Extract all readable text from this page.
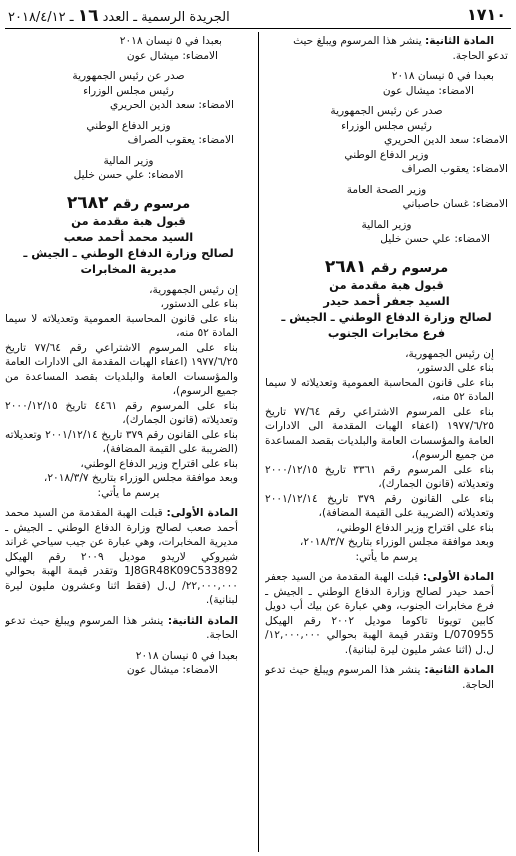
١٧١٠
الجريدة الرسمية ـ العدد ١٦ ـ ٢٠١٨/٤/١٢

المادة الثانية: ينشر هذا المرسوم ويبلغ حيث

تدعو الحاجة.

بعبدا في ٥ نيسان ٢٠١٨

الامضاء: ميشال عون

صدر عن رئيس الجمهورية

رئيس مجلس الوزراء

الامضاء: سعد الدين الحريري

وزير الدفاع الوطني

الامضاء: يعقوب الصراف

وزير الصحة العامة

الامضاء: غسان حاصباني

وزير المالية

الامضاء: علي حسن خليل

مرسوم رقم ٢٦٨١

قبول هبة مقدمة من

السيد جعفر أحمد حيدر

لصالح وزارة الدفاع الوطني ـ الجيش ـ

فرع مخابرات الجنوب

إن رئيس الجمهورية،

بناء على الدستور،

بناء على قانون المحاسبة العمومية وتعديلاته لا سيما المادة ٥٢ منه،

بناء على المرسوم الاشتراعي رقم ٧٧/٦٤ تاريخ ١٩٧٧/٦/٢٥ (اعفاء الهبات المقدمة الى الادارات العامة والمؤسسات العامة والبلديات بقصد المساعدة من جميع الرسوم)،

بناء على المرسوم رقم ٣٣٦١ تاريخ ٢٠٠٠/١٢/١٥ وتعديلاته (قانون الجمارك)،

بناء على القانون رقم ٣٧٩ تاريخ ٢٠٠١/١٢/١٤ وتعديلاته (الضريبة على القيمة المضافة)،

بناء على اقتراح وزير الدفاع الوطني،

وبعد موافقة مجلس الوزراء بتاريخ ٢٠١٨/٣/٧،

يرسم ما يأتي:

المادة الأولى: قبلت الهبة المقدمة من السيد جعفر أحمد حيدر لصالح وزارة الدفاع الوطني ـ الجيش ـ فرع مخابرات الجنوب، وهي عبارة عن بيك أب دويل كابين تويوتا تاكوما موديل ٢٠٠٢ رقم الهيكل L/070955 وتقدر قيمة الهبة بحوالي ١٢,٠٠٠,٠٠٠/ل.ل (اثنا عشر مليون ليرة لبنانية).

المادة الثانية: ينشر هذا المرسوم ويبلغ حيث تدعو الحاجة.

بعبدا في ٥ نيسان ٢٠١٨

الامضاء: ميشال عون

صدر عن رئيس الجمهورية

رئيس مجلس الوزراء

الامضاء: سعد الدين الحريري

وزير الدفاع الوطني

الامضاء: يعقوب الصراف

وزير المالية

الامضاء: علي حسن خليل

مرسوم رقم ٢٦٨٢

قبول هبة مقدمة من

السيد محمد أحمد صعب

لصالح وزارة الدفاع الوطني ـ الجيش ـ

مديرية المخابرات

إن رئيس الجمهورية،

بناء على الدستور،

بناء على قانون المحاسبة العمومية وتعديلاته لا سيما المادة ٥٢ منه،

بناء على المرسوم الاشتراعي رقم ٧٧/٦٤ تاريخ ١٩٧٧/٦/٢٥ (اعفاء الهبات المقدمة الى الادارات العامة والمؤسسات العامة والبلديات بقصد المساعدة من جميع الرسوم)،

بناء على المرسوم رقم ٤٤٦١ تاريخ ٢٠٠٠/١٢/١٥ وتعديلاته (قانون الجمارك)،

بناء على القانون رقم ٣٧٩ تاريخ ٢٠٠١/١٢/١٤ وتعديلاته (الضريبة على القيمة المضافة)،

بناء على اقتراح وزير الدفاع الوطني،

وبعد موافقة مجلس الوزراء بتاريخ ٢٠١٨/٣/٧،

يرسم ما يأتي:

المادة الأولى: قبلت الهبة المقدمة من السيد محمد أحمد صعب لصالح وزارة الدفاع الوطني ـ الجيش ـ مديرية المخابرات، وهي عبارة عن جيب سياحي غراند شيروكي لاريدو موديل ٢٠٠٩ رقم الهيكل 1J8GR48K09C533892 وتقدر قيمة الهبة بحوالي ٢٢,٠٠٠,٠٠٠/ ل.ل (فقط اثنا وعشرون مليون ليرة لبنانية).

المادة الثانية: ينشر هذا المرسوم ويبلغ حيث تدعو الحاجة.

بعبدا في ٥ نيسان ٢٠١٨

الامضاء: ميشال عون
